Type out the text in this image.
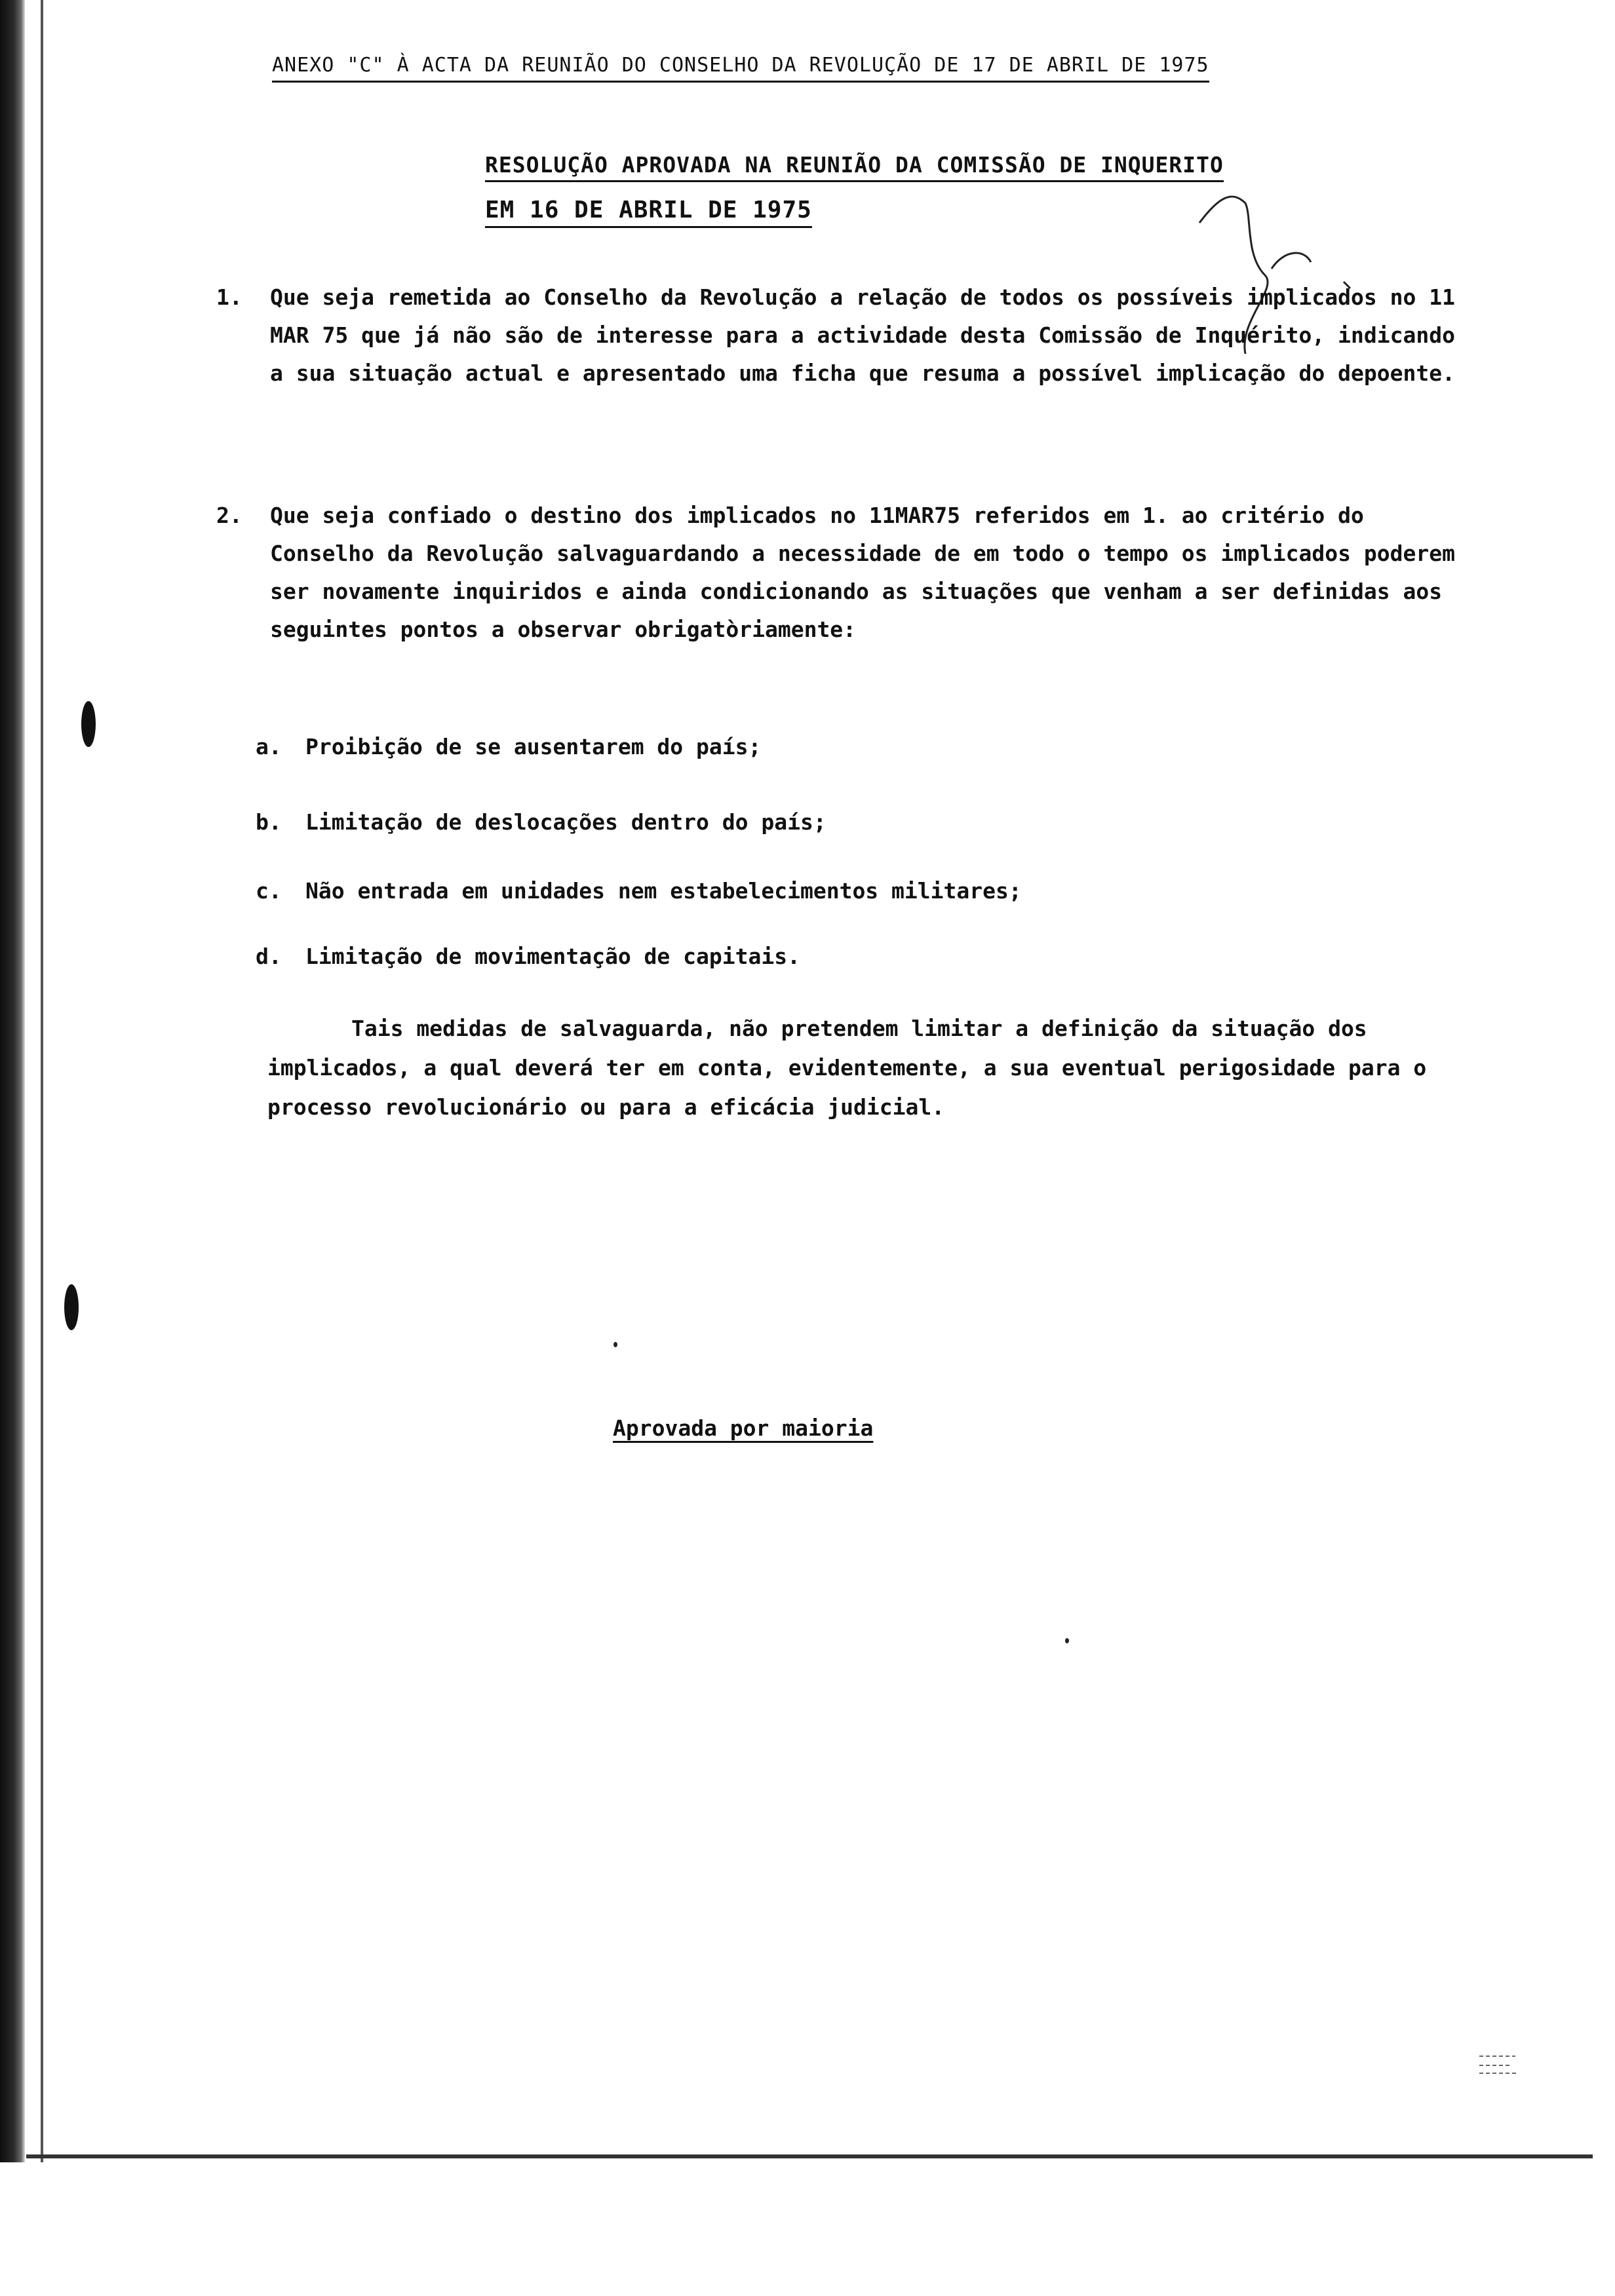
ANEXO "C" À ACTA DA REUNIÃO DO CONSELHO DA REVOLUÇÃO DE 17 DE ABRIL DE 1975
RESOLUÇÃO APROVADA NA REUNIÃO DA COMISSÃO DE INQUERITO
EM 16 DE ABRIL DE 1975
1.	Que seja remetida ao Conselho da Revolução a relação de todos os possíveis implicados no 11 MAR 75 que já não são de interesse para a actividade desta Comissão de Inquérito, indicando a sua situação actual e apresentado uma ficha que resuma a possível implicação do depoente.
2.	Que seja confiado o destino dos implicados no 11MAR75 referidos em 1. ao critério do Conselho da Revolução salvaguardando a necessidade de em todo o tempo os implicados poderem ser novamente inquiridos e ainda condicionando as situações que venham a ser definidas aos seguintes pontos a observar obrigatòriamente:
a. Proibição de se ausentarem do país;
b. Limitação de deslocações dentro do país;
c. Não entrada em unidades nem estabelecimentos militares;
d. Limitação de movimentação de capitais.
Tais medidas de salvaguarda, não pretendem limitar a definição da situação dos implicados, a qual deverá ter em conta, evidentemente, a sua eventual perigosidade para o processo revolucionário ou para a eficácia judicial.
Aprovada por maioria
